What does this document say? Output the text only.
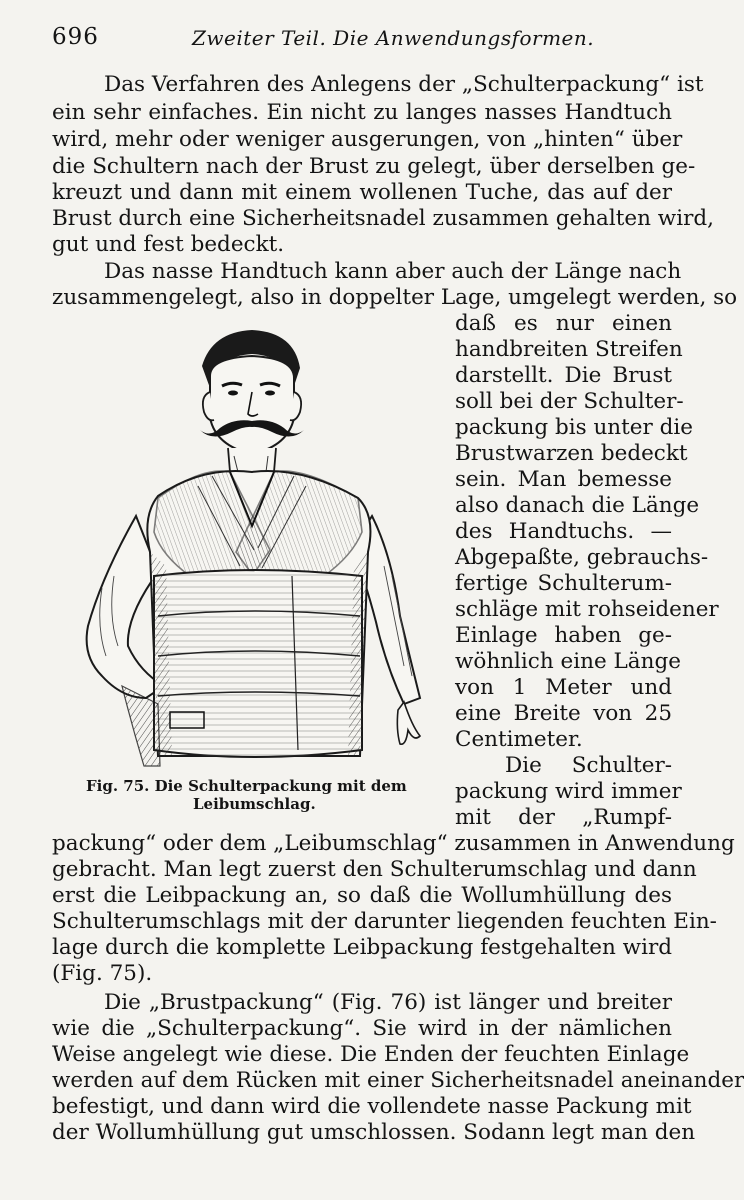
696	Zweiter Teil. Die Anwendungsformen.
Das Verfahren des Anlegens der „Schulterpackung“ ist
ein sehr einfaches. Ein nicht zu langes nasses Handtuch
wird, mehr oder weniger ausgerungen, von „hinten“ über
die Schultern nach der Brust zu gelegt, über derselben ge-
kreuzt und dann mit einem wollenen Tuche, das auf der
Brust durch eine Sicherheitsnadel zusammen gehalten wird,
gut und fest bedeckt.
Das nasse Handtuch kann aber auch der Länge nach
zusammengelegt, also in doppelter Lage, umgelegt werden, so
daß es nur einen
handbreiten Streifen
darstellt. Die Brust
soll bei der Schulter-
packung bis unter die
Brustwarzen bedeckt
sein. Man bemesse
also danach die Länge
des Handtuchs. —
Abgepaßte, gebrauchs-
fertige Schulterum-
schläge mit rohseidener
Einlage haben ge-
wöhnlich eine Länge
von 1 Meter und
eine Breite von 25
Centimeter.
Die Schulter-
packung wird immer
mit der „Rumpf-
packung“ oder dem „Leibumschlag“ zusammen in Anwendung
gebracht. Man legt zuerst den Schulterumschlag und dann
erst die Leibpackung an, so daß die Wollumhüllung des
Schulterumschlags mit der darunter liegenden feuchten Ein-
lage durch die komplette Leibpackung festgehalten wird
(Fig. 75).
Die „Brustpackung“ (Fig. 76) ist länger und breiter
wie die „Schulterpackung“. Sie wird in der nämlichen
Weise angelegt wie diese. Die Enden der feuchten Einlage
werden auf dem Rücken mit einer Sicherheitsnadel aneinander
befestigt, und dann wird die vollendete nasse Packung mit
der Wollumhüllung gut umschlossen. Sodann legt man den
Fig. 75. Die Schulterpackung mit dem
Leibumschlag.
